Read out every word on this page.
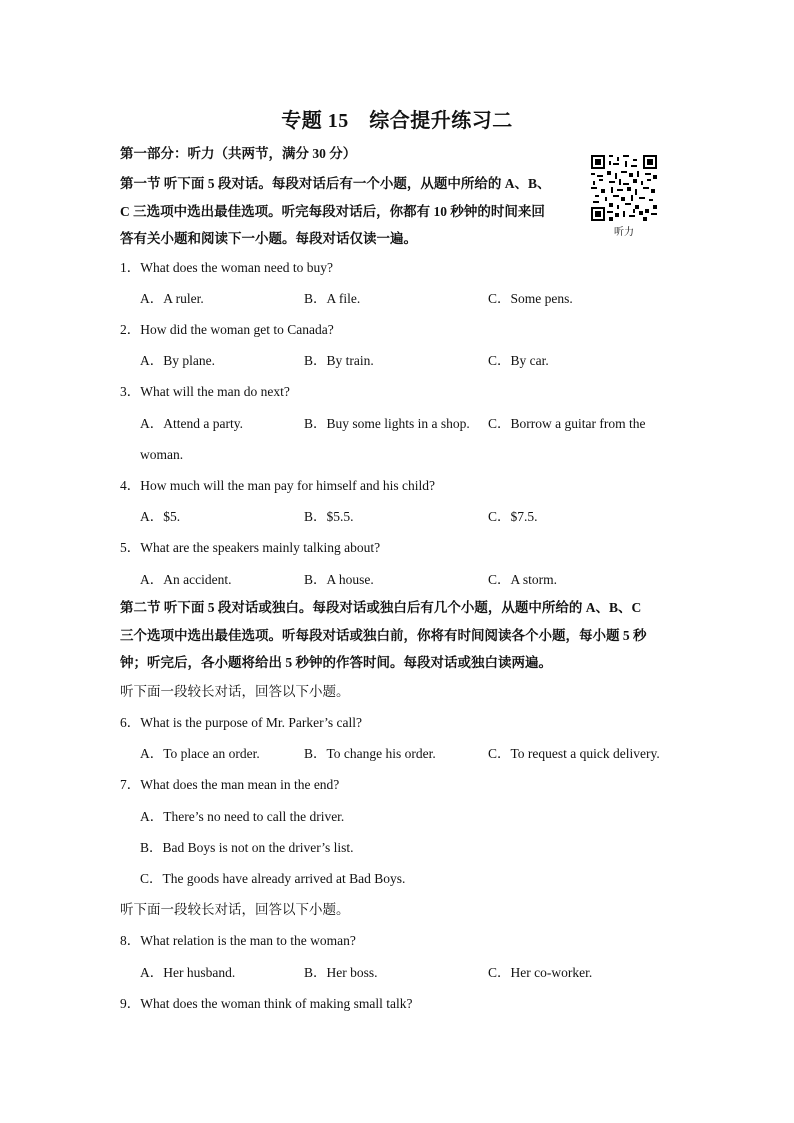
专题 15　综合提升练习二
第一部分：听力（共两节，满分 30 分）
第一节 听下面 5 段对话。每段对话后有一个小题，从题中所给的 A、B、
C 三选项中选出最佳选项。听完每段对话后，你都有 10 秒钟的时间来回
答有关小题和阅读下一小题。每段对话仅读一遍。	听力
1．What does the woman need to buy?
A．A ruler.	B．A file.	C．Some pens.
2．How did the woman get to Canada?
A．By plane.	B．By train.	C．By car.
3．What will the man do next?
A．Attend a party.	B．Buy some lights in a shop. C．Borrow a guitar from the
woman.
4．How much will the man pay for himself and his child?
A．$5.	B．$5.5.	C．$7.5.
5．What are the speakers mainly talking about?
A．An accident.	B．A house.	C．A storm.
第二节 听下面 5 段对话或独白。每段对话或独白后有几个小题，从题中所给的 A、B、C
三个选项中选出最佳选项。听每段对话或独白前，你将有时间阅读各个小题，每小题 5 秒
钟；听完后，各小题将给出 5 秒钟的作答时间。每段对话或独白读两遍。
听下面一段较长对话，回答以下小题。
6．What is the purpose of Mr. Parker’s call?
A．To place an order.	B．To change his order.	C．To request a quick delivery.
7．What does the man mean in the end?
A．There’s no need to call the driver.
B．Bad Boys is not on the driver’s list.
C．The goods have already arrived at Bad Boys.
听下面一段较长对话，回答以下小题。
8．What relation is the man to the woman?
A．Her husband.	B．Her boss.	C．Her co-worker.
9．What does the woman think of making small talk?
